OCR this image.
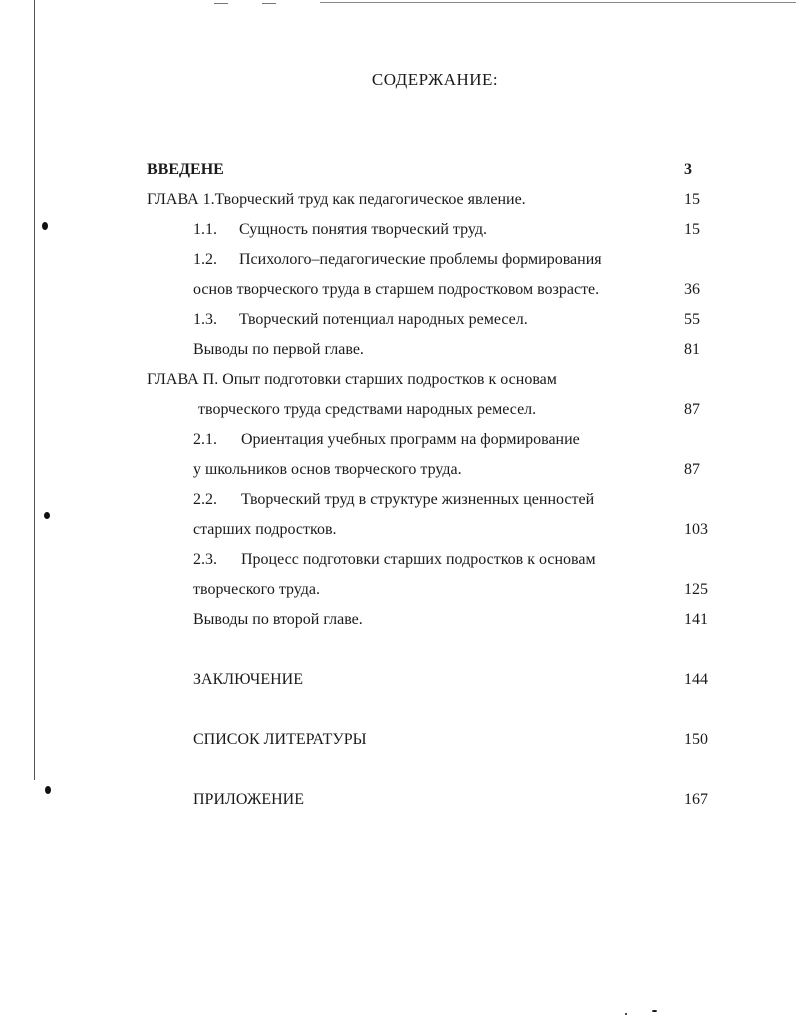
СОДЕРЖАНИЕ:
ВВЕДЕНЕ	3
ГЛАВА 1.Творческий труд как педагогическое явление.	15
1.1. Сущность понятия творческий труд.	15
1.2. Психолого–педагогические проблемы формирования
основ творческого труда в старшем подростковом возрасте.	36
1.3. Творческий потенциал народных ремесел.	55
Выводы по первой главе.	81
ГЛАВА П. Опыт подготовки старших подростков к основам
творческого труда средствами народных ремесел.	87
2.1. Ориентация учебных программ на формирование
у школьников основ творческого труда.	87
2.2. Творческий труд в структуре жизненных ценностей
старших подростков.	103
2.3. Процесс подготовки старших подростков к основам
творческого труда.	125
Выводы по второй главе.	141
ЗАКЛЮЧЕНИЕ	144
СПИСОК ЛИТЕРАТУРЫ	150
ПРИЛОЖЕНИЕ	167
